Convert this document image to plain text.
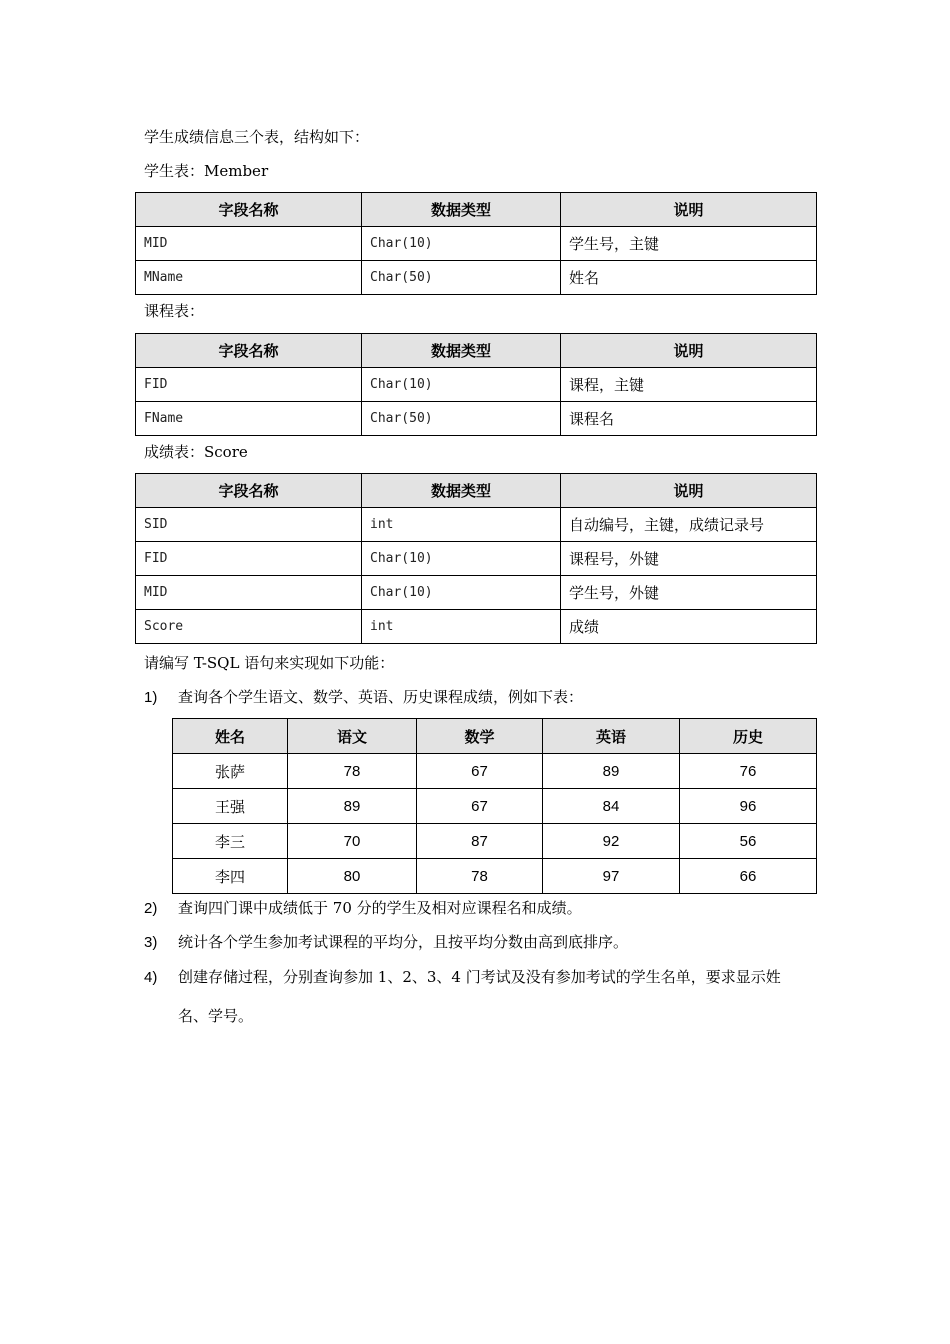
学生成绩信息三个表，结构如下：
学生表：Member
字段名称	数据类型	说明
MID	Char(10)	学生号，主键
MName	Char(50)	姓名
课程表：
字段名称	数据类型	说明
FID	Char(10)	课程，主键
FName	Char(50)	课程名
成绩表：Score
字段名称	数据类型	说明
SID	int	自动编号，主键，成绩记录号
FID	Char(10)	课程号，外键
MID	Char(10)	学生号，外键
Score	int	成绩
请编写 T-SQL 语句来实现如下功能：
1) 查询各个学生语文、数学、英语、历史课程成绩，例如下表：
姓名	语文	数学	英语	历史
张萨	78	67	89	76
王强	89	67	84	96
李三	70	87	92	56
李四	80	78	97	66
2) 查询四门课中成绩低于 70 分的学生及相对应课程名和成绩。
3) 统计各个学生参加考试课程的平均分，且按平均分数由高到底排序。
4) 创建存储过程，分别查询参加 1、2、3、4 门考试及没有参加考试的学生名单，要求显示姓
名、学号。
